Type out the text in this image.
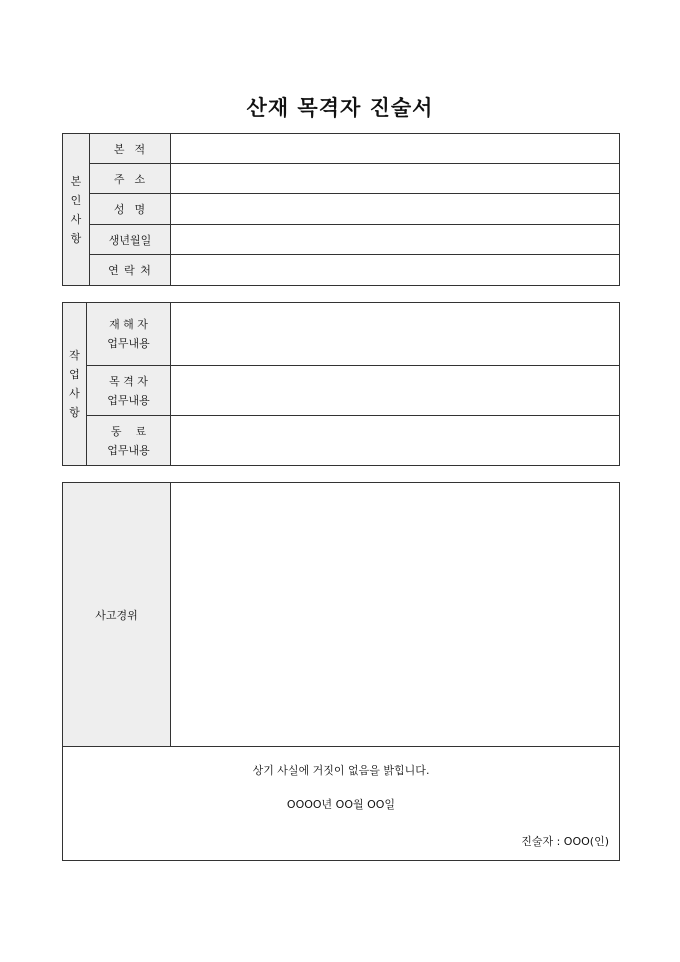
산재 목격자 진술서
본인사항	본  적	
	주  소	
	성  명	
	생년월일	
	연 락 처	
작업사항	재 해 자
업무내용	

	목 격 자
업무내용	

	동    료
업무내용	

사고경위	

상기 사실에 거짓이 없음을 밝힙니다.
OOOO년 OO월 OO일
진술자 : OOO(인)
